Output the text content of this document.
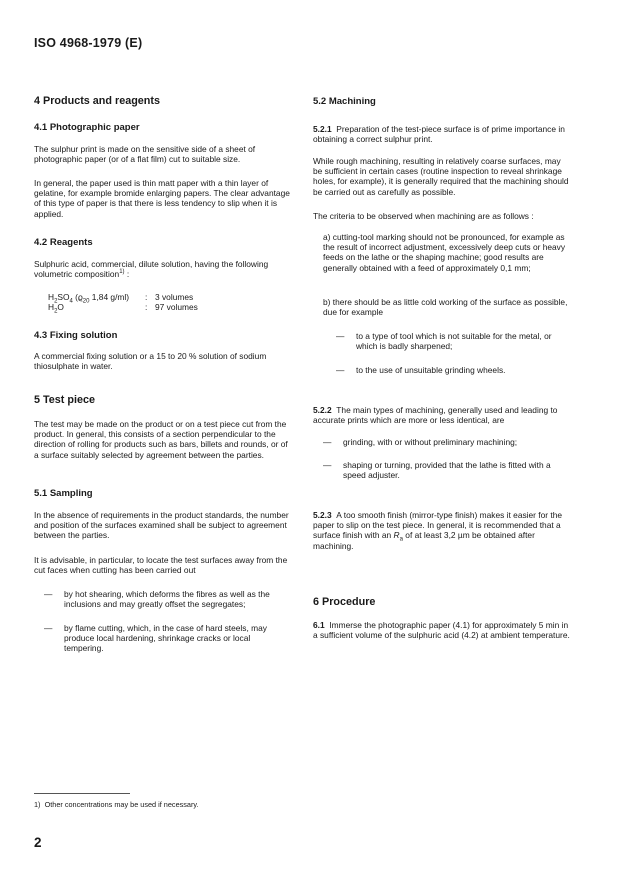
ISO 4968-1979 (E)
4 Products and reagents
4.1 Photographic paper

The sulphur print is made on the sensitive side of a sheet of photographic paper (or of a flat film) cut to suitable size.

In general, the paper used is thin matt paper with a thin layer of gelatine, for example bromide enlarging papers. The clear advantage of this type of paper is that there is less tendency to slip when it is applied.

4.2 Reagents

Sulphuric acid, commercial, dilute solution, having the following volumetric composition$^{1)}$ :

$H_2SO_4$ ($ϱ_{20}$ 1,84 g/ml)	: 3 volumes
$H_2O$	: 97 volumes
4.3 Fixing solution

A commercial fixing solution or a 15 to 20 % solution of sodium thiosulphate in water.

5 Test piece

The test may be made on the product or on a test piece cut from the product. In general, this consists of a section perpendicular to the direction of rolling for products such as bars, billets and rounds, or of a surface suitably selected by agreement between the parties.

5.1 Sampling

In the absence of requirements in the product standards, the number and position of the surfaces examined shall be subject to agreement between the parties.

It is advisable, in particular, to locate the test surfaces away from the cut faces when cutting has been carried out

—	by hot shearing, which deforms the fibres as well as the inclusions and may greatly offset the segregates;
—	by flame cutting, which, in the case of hard steels, may produce local hardening, shrinkage cracks or local tempering.
5.2 Machining

5.2.1 Preparation of the test-piece surface is of prime importance in obtaining a correct sulphur print.

While rough machining, resulting in relatively coarse surfaces, may be sufficient in certain cases (routine inspection to reveal shrinkage holes, for example), it is generally required that the machining should be carried out as carefully as possible.

The criteria to be observed when machining are as follows :

a) cutting-tool marking should not be pronounced, for example as the result of incorrect adjustment, excessively deep cuts or heavy feeds on the lathe or the shaping machine; good results are generally obtained with a feed of approximately 0,1 mm;

b) there should be as little cold working of the surface as possible, due for example

—	to a type of tool which is not suitable for the metal, or which is badly sharpened;
—	to the use of unsuitable grinding wheels.

5.2.2 The main types of machining, generally used and leading to accurate prints which are more or less identical, are

—	grinding, with or without preliminary machining;
—	shaping or turning, provided that the lathe is fitted with a speed adjuster.

5.2.3 A too smooth finish (mirror-type finish) makes it easier for the paper to slip on the test piece. In general, it is recommended that a surface finish with an $R_a$ of at least 3,2 µm be obtained after machining.

6 Procedure

6.1 Immerse the photographic paper (4.1) for approximately 5 min in a sufficient volume of the sulphuric acid (4.2) at ambient temperature.

1) Other concentrations may be used if necessary.
2
